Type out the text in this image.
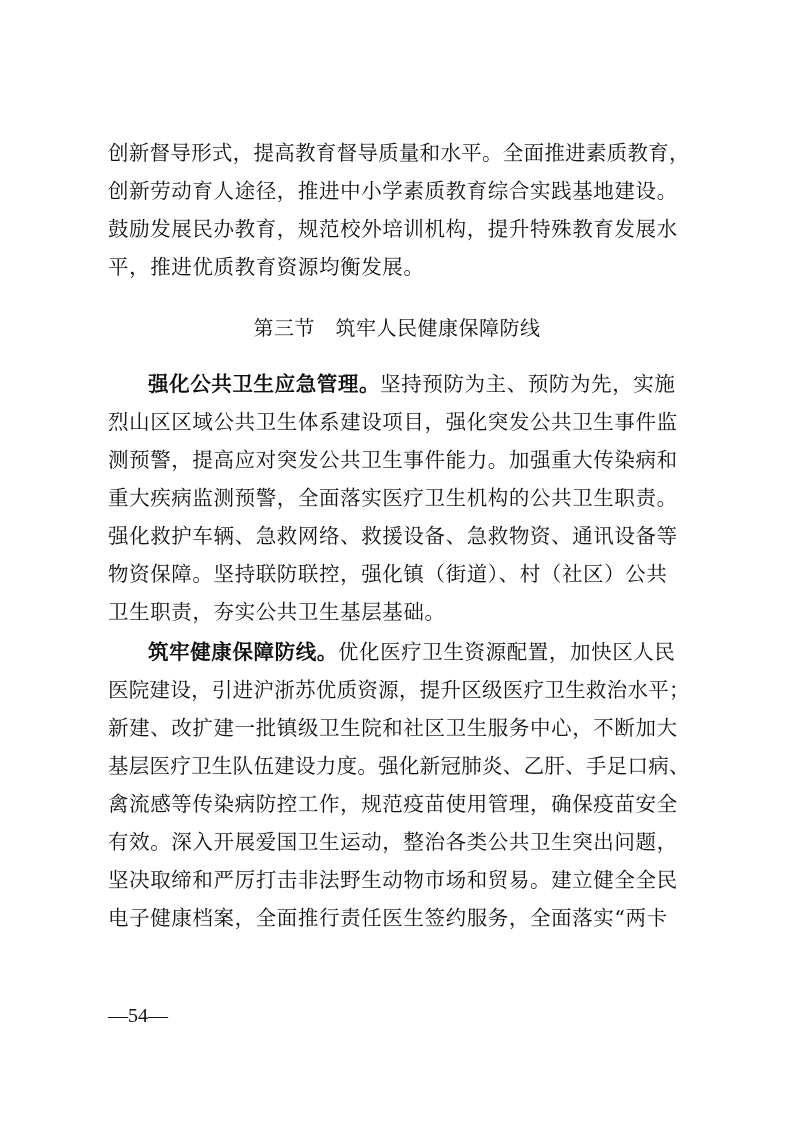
创新督导形式，提高教育督导质量和水平。全面推进素质教育，
创新劳动育人途径，推进中小学素质教育综合实践基地建设。
鼓励发展民办教育，规范校外培训机构，提升特殊教育发展水
平，推进优质教育资源均衡发展。
第三节　筑牢人民健康保障防线
强化公共卫生应急管理。坚持预防为主、预防为先，实施
烈山区区域公共卫生体系建设项目，强化突发公共卫生事件监
测预警，提高应对突发公共卫生事件能力。加强重大传染病和
重大疾病监测预警，全面落实医疗卫生机构的公共卫生职责。
强化救护车辆、急救网络、救援设备、急救物资、通讯设备等
物资保障。坚持联防联控，强化镇（街道）、村（社区）公共
卫生职责，夯实公共卫生基层基础。
筑牢健康保障防线。优化医疗卫生资源配置，加快区人民
医院建设，引进沪浙苏优质资源，提升区级医疗卫生救治水平；
新建、改扩建一批镇级卫生院和社区卫生服务中心，不断加大
基层医疗卫生队伍建设力度。强化新冠肺炎、乙肝、手足口病、
禽流感等传染病防控工作，规范疫苗使用管理，确保疫苗安全
有效。深入开展爱国卫生运动，整治各类公共卫生突出问题，
坚决取缔和严厉打击非法野生动物市场和贸易。建立健全全民
电子健康档案，全面推行责任医生签约服务，全面落实“两卡
—54—
